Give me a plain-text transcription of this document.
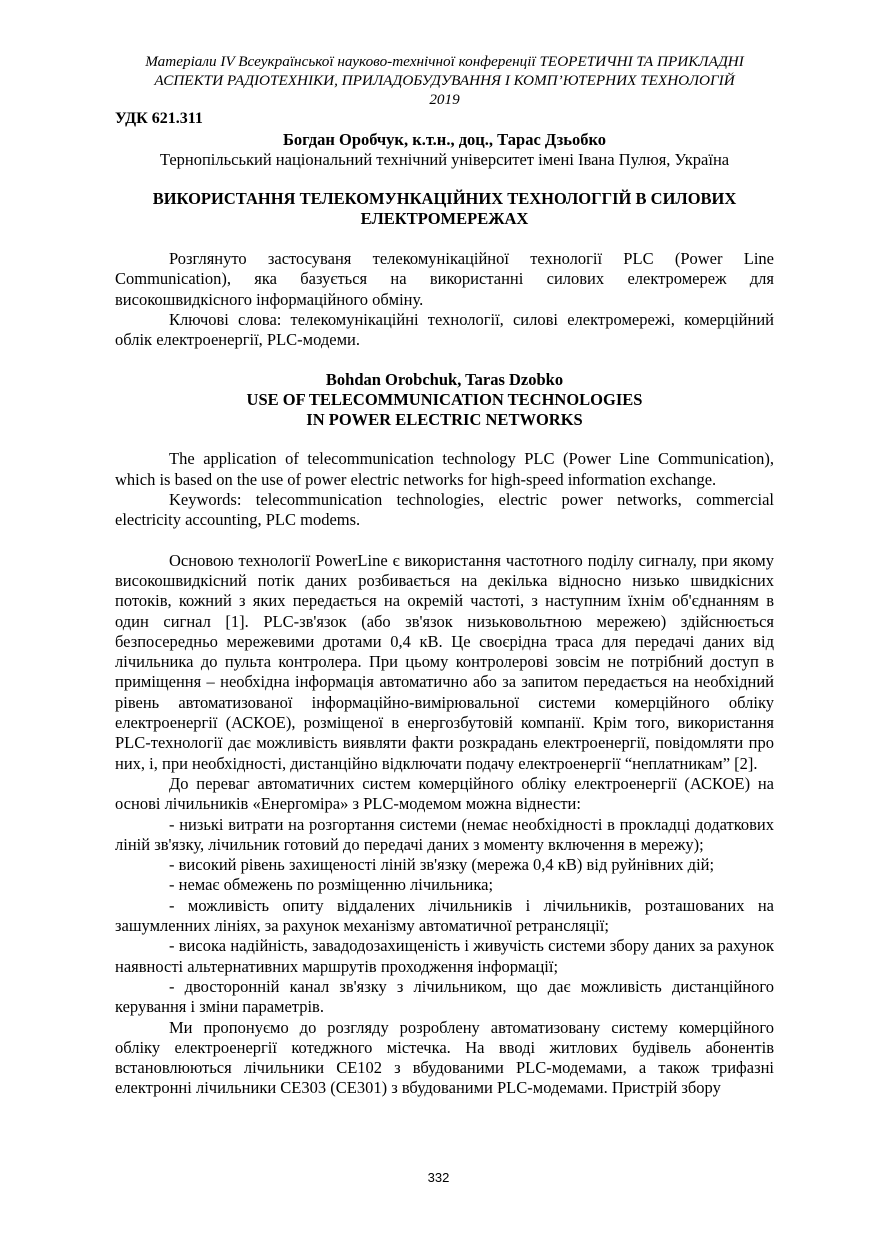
Матеріали IV Всеукраїнської науково-технічної конференції ТЕОРЕТИЧНІ ТА ПРИКЛАДНІ

АСПЕКТИ РАДІОТЕХНІКИ, ПРИЛАДОБУДУВАННЯ І КОМП’ЮТЕРНИХ ТЕХНОЛОГІЙ

2019

УДК 621.311

Богдан Оробчук, к.т.н., доц., Тарас Дзьобко

Тернопільський національний технічний університет імені Івана Пулюя, Україна

ВИКОРИСТАННЯ ТЕЛЕКОМУНКАЦІЙНИХ ТЕХНОЛОГГІЙ В СИЛОВИХ

ЕЛЕКТРОМЕРЕЖАХ

Розглянуто застосуваня телекомунікаційної технології PLC (Power Line Communication), яка базується на використанні силових електромереж для високошвидкісного інформаційного обміну.

Ключові слова: телекомунікаційні технології, силові електромережі, комерційний облік електроенергії, PLC-модеми.

Bohdan Orobchuk, Taras Dzobko

USE OF TELECOMMUNICATION TECHNOLOGIES

IN POWER ELECTRIC NETWORKS

The application of telecommunication technology PLC (Power Line Communication), which is based on the use of power electric networks for high-speed information exchange.

Keywords: telecommunication technologies, electric power networks, commercial electricity accounting, PLC modems.

Основою технології PowerLine є використання частотного поділу сигналу, при якому високошвидкісний потік даних розбивається на декілька відносно низько швидкісних потоків, кожний з яких передається на окремій частоті, з наступним їхнім об'єднанням в один сигнал [1]. PLC-зв'язок (або зв'язок низьковольтною мережею) здійснюється безпосередньо мережевими дротами 0,4 кВ. Це своєрідна траса для передачі даних від лічильника до пульта контролера. При цьому контролерові зовсім не потрібний доступ в приміщення – необхідна інформація автоматично або за запитом передається на необхідний рівень автоматизованої інформаційно-вимірювальної системи комерційного обліку електроенергії (АСКОЕ), розміщеної в енергозбутовій компанії. Крім того, використання PLC-технології дає можливість виявляти факти розкрадань електроенергії, повідомляти про них, і, при необхідності, дистанційно відключати подачу електроенергії “неплатникам” [2].

До переваг автоматичних систем комерційного обліку електроенергії (АСКОЕ) на основі лічильників «Енергоміра» з PLC-модемом можна віднести:

- низькі витрати на розгортання системи (немає необхідності в прокладці додаткових ліній зв'язку, лічильник готовий до передачі даних з моменту включення в мережу);

- високий рівень захищеності ліній зв'язку (мережа 0,4 кВ) від руйнівних дій;

- немає обмежень по розміщенню лічильника;

- можливість опиту віддалених лічильників і лічильників, розташованих на зашумленних лініях, за рахунок механізму автоматичної ретрансляції;

- висока надійність, завадодозахищеність і живучість системи збору даних за рахунок наявності альтернативних маршрутів проходження інформації;

- двосторонній канал зв'язку з лічильником, що дає можливість дистанційного керування і зміни параметрів.

Ми пропонуємо до розгляду розроблену автоматизовану систему комерційного обліку електроенергії котеджного містечка. На вводі житлових будівель абонентів встановлюються лічильники CE102 з вбудованими PLC-модемами, а також трифазні електронні лічильники CE303 (CE301) з вбудованими PLC-модемами. Пристрій збору

332
